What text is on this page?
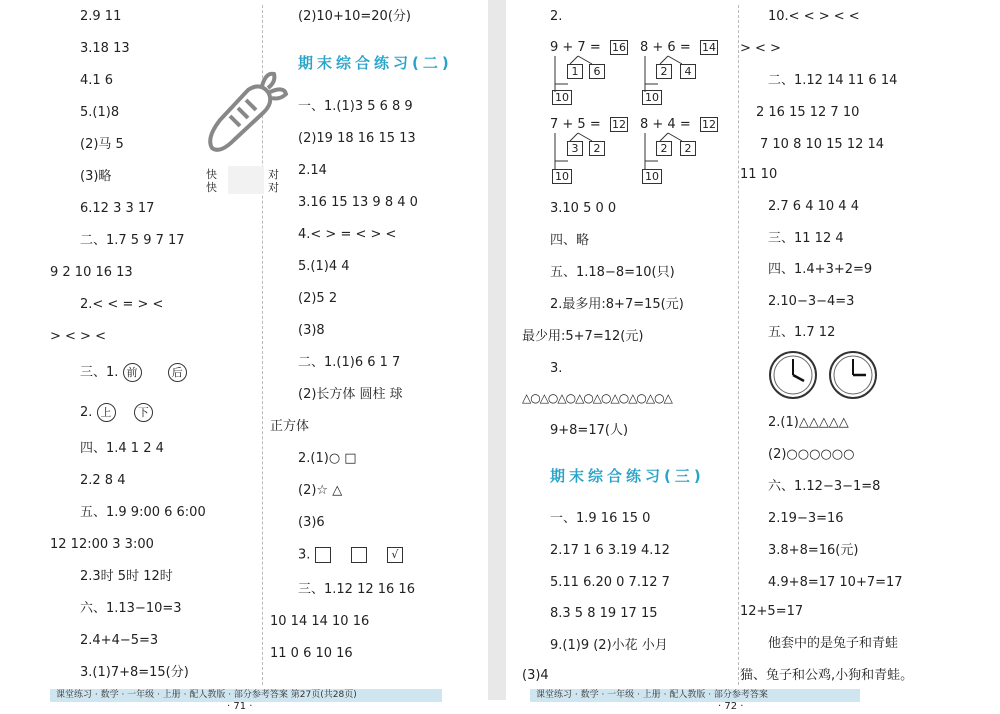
2.9 11
3.18 13
4.1 6
5.(1)8
(2)马 5
(3)略
6.12 3 3 17
二、1.7 5 9 7 17
9 2 10 16 13
2.< < = > <
> < > <
三、1. 前	后
2. 上 下
四、1.4 1 2 4
2.2 8 4
五、1.9 9:00 6 6:00
12 12:00 3 3:00
2.3时 5时 12时
六、1.13−10=3
2.4+4−5=3
3.(1)7+8=15(分)
快
快
对
对
(2)10+10=20(分)
期末综合练习(二)
一、1.(1)3 5 6 8 9
(2)19 18 16 15 13
2.14
3.16 15 13 9 8 4 0
4.< > = < > <
5.(1)4 4
(2)5 2
(3)8
二、1.(1)6 6 1 7
(2)长方体 圆柱 球
正方体
2.(1)○ □
(2)☆ △
(3)6
3.	√
三、1.12 12 16 16
10 14 14 10 16
11 0 6 10 16
课堂练习 · 数学 · 一年级 · 上册 · 配人教版 · 部分参考答案 第27页(共28页)
· 71 ·
2.
9 + 7 = 16
1	6
10
8 + 6 = 14
2	4
10
7 + 5 = 12
3	2
10
8 + 4 = 12
2	2
10
3.10 5 0 0
四、略
五、1.18−8=10(只)
2.最多用:8+7=15(元)
最少用:5+7=12(元)
3.
△○△○△○△○△○△○△○△○△
9+8=17(人)
期末综合练习(三)
一、1.9 16 15 0
2.17 1 6 3.19 4.12
5.11 6.20 0 7.12 7
8.3 5 8 19 17 15
9.(1)9 (2)小花 小月
(3)4
10.< < > < <
> < >
二、1.12 14 11 6 14
2 16 15 12 7 10
7 10 8 10 15 12 14
11 10
2.7 6 4 10 4 4
三、11 12 4
四、1.4+3+2=9
2.10−3−4=3
五、1.7 12
2.(1)△△△△△
(2)○○○○○○
六、1.12−3−1=8
2.19−3=16
3.8+8=16(元)
4.9+8=17 10+7=17
12+5=17
他套中的是兔子和青蛙
猫、兔子和公鸡,小狗和青蛙。
课堂练习 · 数学 · 一年级 · 上册 · 配人教版 · 部分参考答案
· 72 ·
